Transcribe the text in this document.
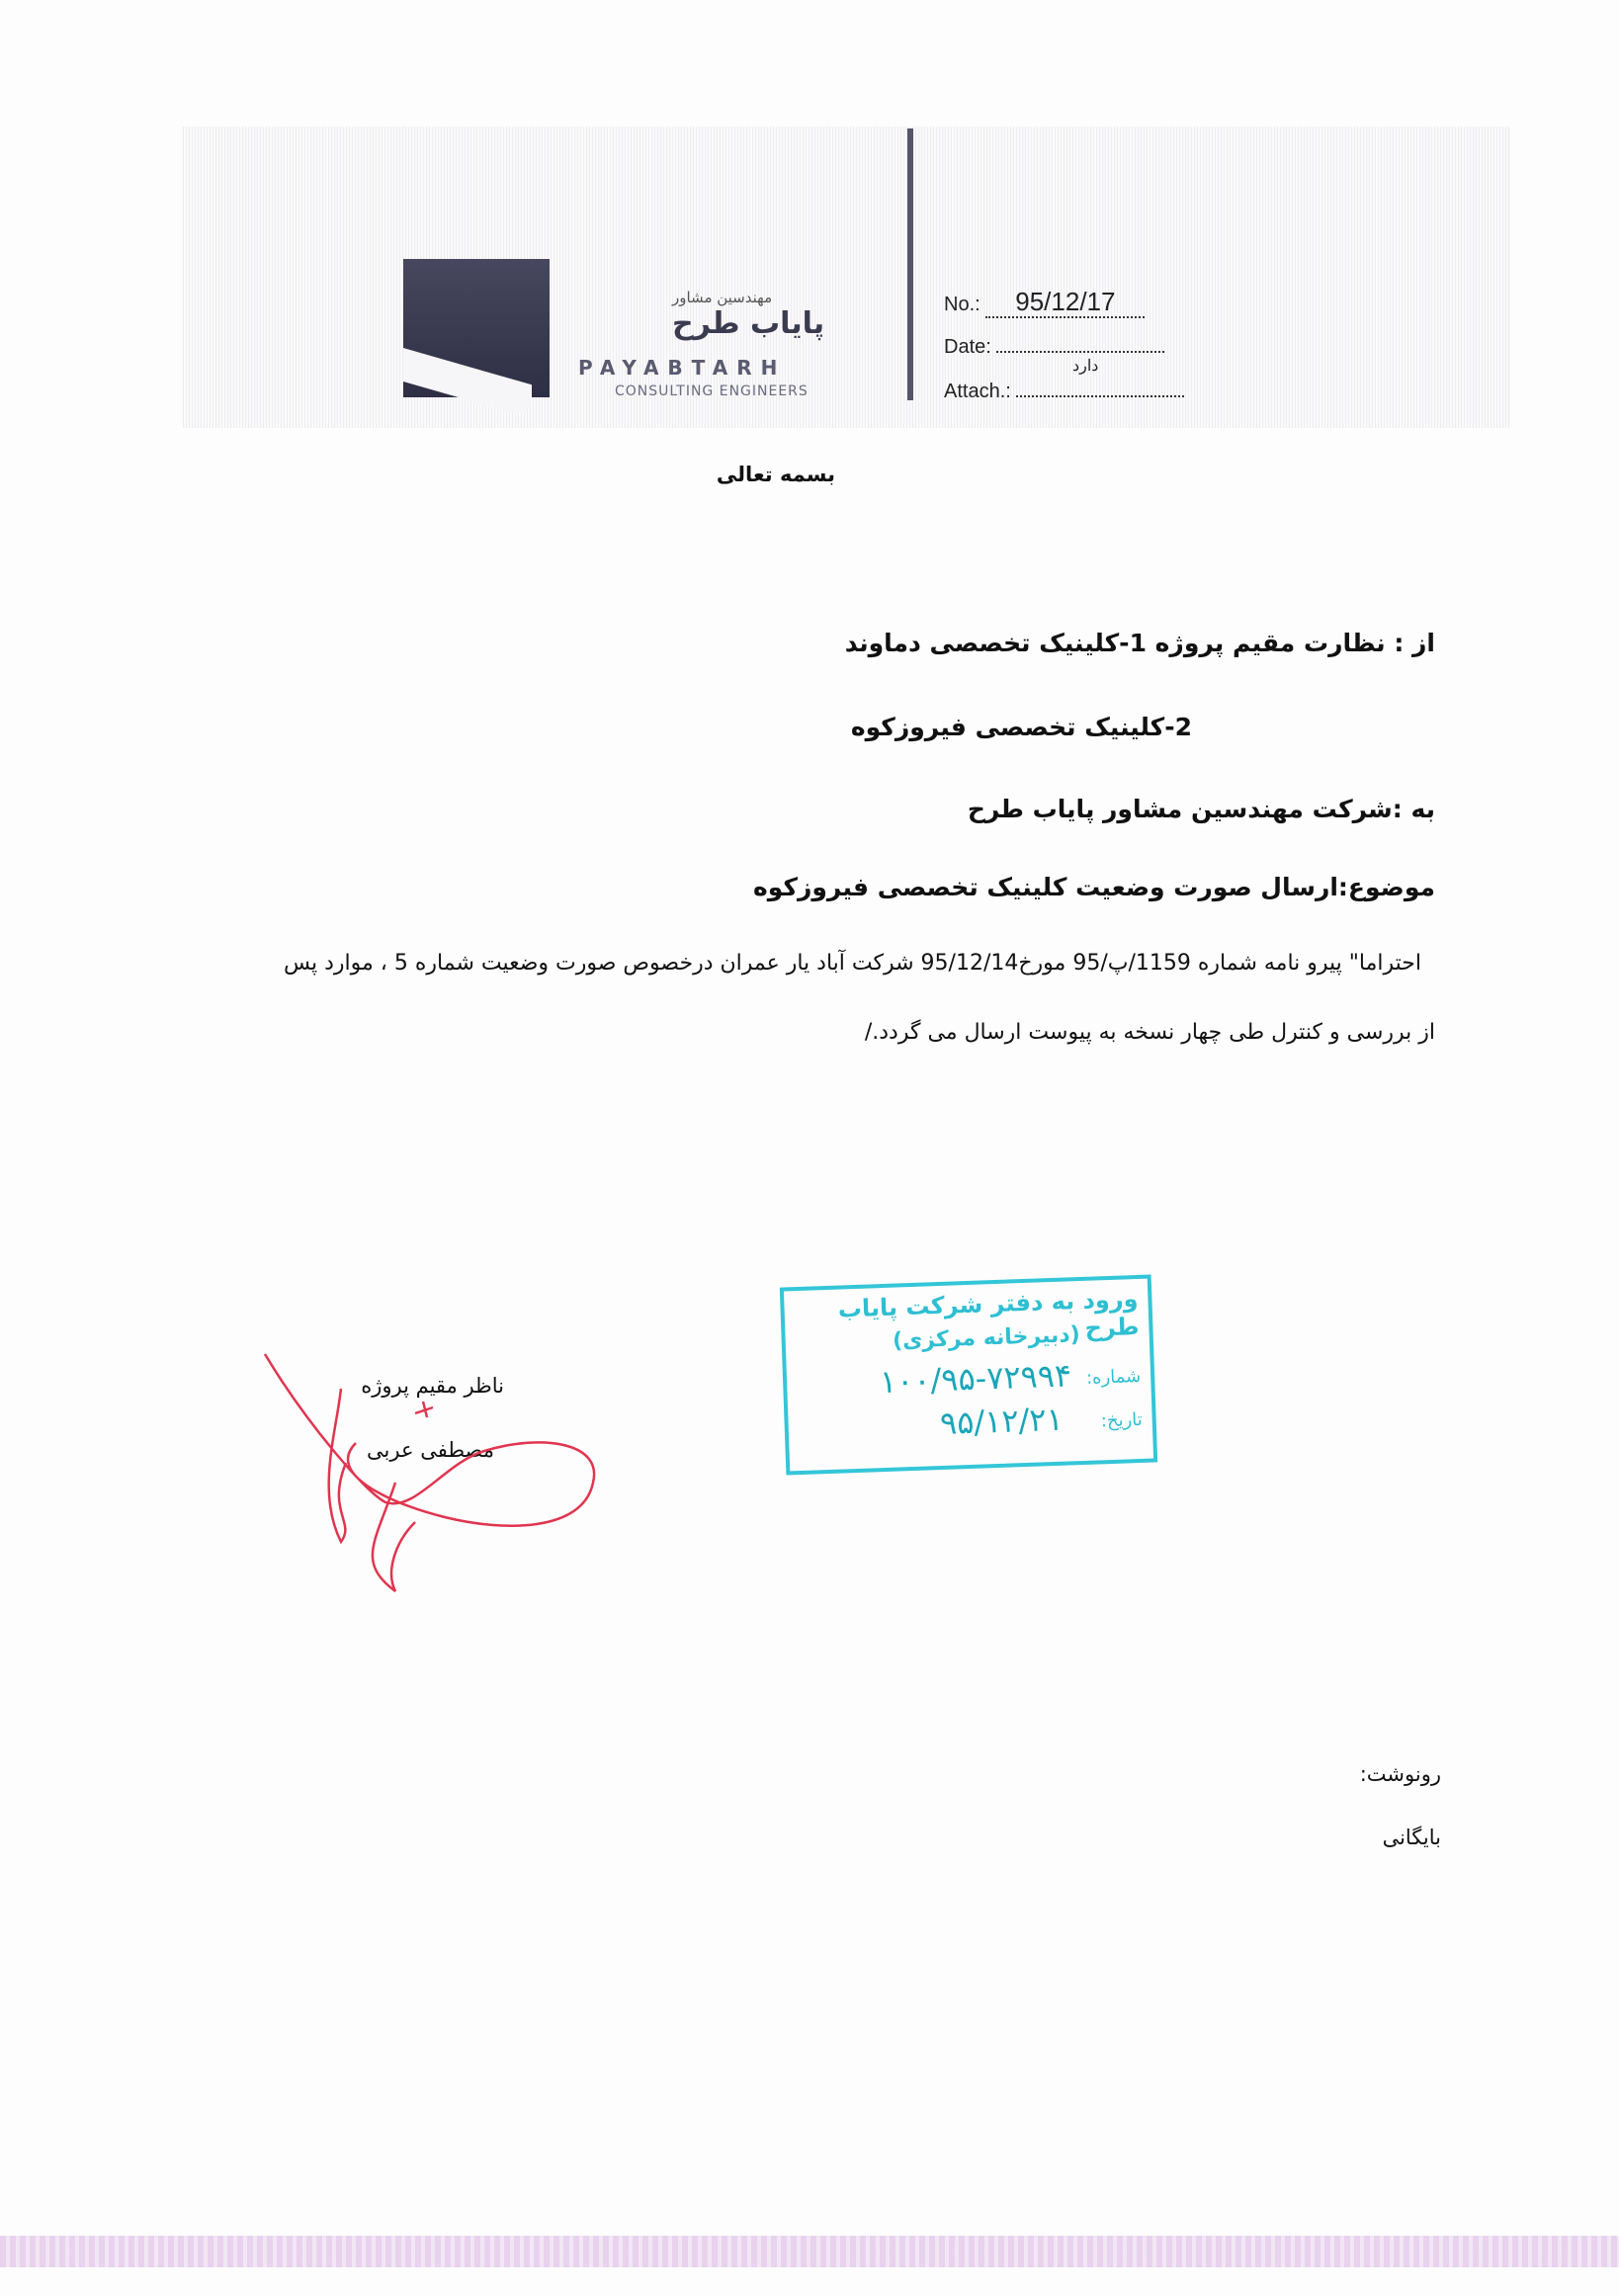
مهندسین مشاور
پایاب طرح
PAYABTARH
CONSULTING ENGINEERS
No.: 95/12/17
Date:
دارد
Attach.:
بسمه تعالی
از : نظارت مقیم پروژه 1-کلینیک تخصصی دماوند
2-کلینیک تخصصی فیروزکوه
به :شرکت مهندسین مشاور پایاب طرح
موضوع:ارسال صورت وضعیت کلینیک تخصصی فیروزکوه
احتراما" پیرو نامه شماره 1159/پ/95 مورخ95/12/14 شرکت آباد یار عمران درخصوص صورت وضعیت شماره 5 ، موارد پس
از بررسی و کنترل طی چهار نسخه به پیوست ارسال می گردد./
ناظر مقیم پروژه
مصطفی عربی
ورود به دفتر شرکت پایاب طرح
(دبیرخانه مرکزی)
شماره:
۱۰۰/۹۵-۷۲۹۹۴
تاریخ:
۹۵/۱۲/۲۱
رونوشت:
بایگانی
